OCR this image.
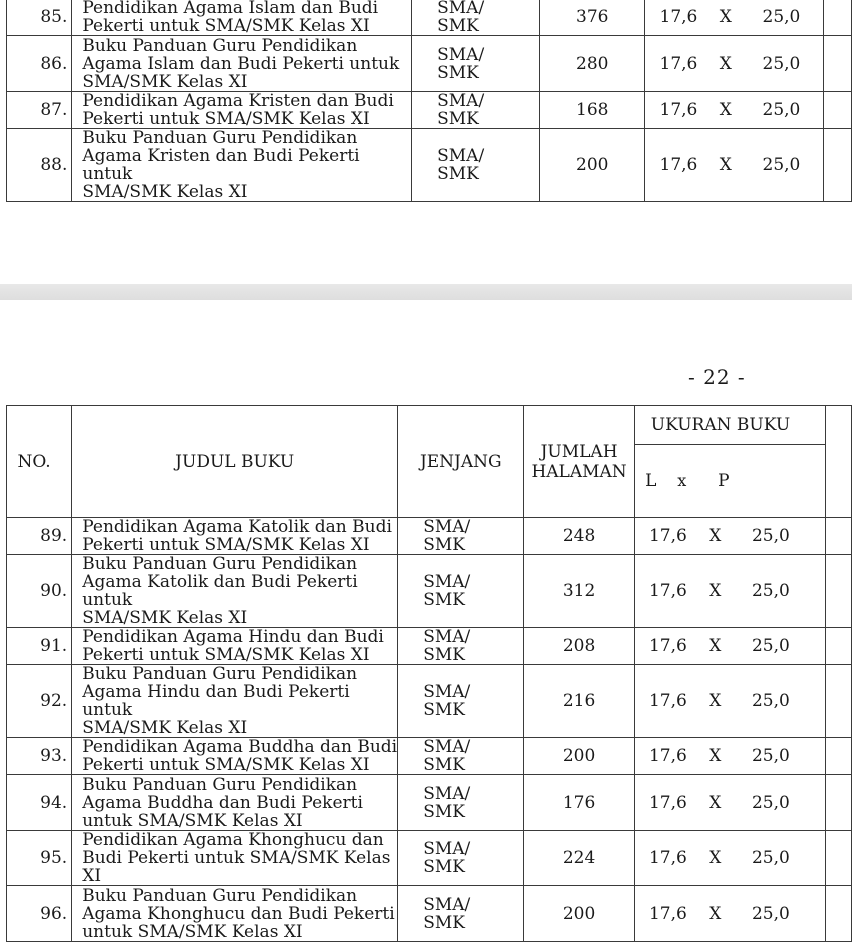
85.	Pendidikan Agama Islam dan Budi
Pekerti untuk SMA/SMK Kelas XI	SMA/
SMK	376	17,6 X 25,0	

86.	Buku Panduan Guru Pendidikan
Agama Islam dan Budi Pekerti untuk
SMA/SMK Kelas XI	SMA/
SMK	280	17,6 X 25,0	

87.	Pendidikan Agama Kristen dan Budi
Pekerti untuk SMA/SMK Kelas XI	SMA/
SMK	168	17,6 X 25,0	

88.	Buku Panduan Guru Pendidikan
Agama Kristen dan Budi Pekerti untuk
SMA/SMK Kelas XI	SMA/
SMK	200	17,6 X 25,0	

- 22 -
NO.	JUDUL BUKU	JENJANG	JUMLAH
HALAMAN	UKURAN BUKU	

				L x P	

89.	Pendidikan Agama Katolik dan Budi
Pekerti untuk SMA/SMK Kelas XI	SMA/
SMK	248	17,6 X 25,0	

90.	Buku Panduan Guru Pendidikan
Agama Katolik dan Budi Pekerti untuk
SMA/SMK Kelas XI	SMA/
SMK	312	17,6 X 25,0	

91.	Pendidikan Agama Hindu dan Budi
Pekerti untuk SMA/SMK Kelas XI	SMA/
SMK	208	17,6 X 25,0	

92.	Buku Panduan Guru Pendidikan
Agama Hindu dan Budi Pekerti untuk
SMA/SMK Kelas XI	SMA/
SMK	216	17,6 X 25,0	

93.	Pendidikan Agama Buddha dan Budi
Pekerti untuk SMA/SMK Kelas XI	SMA/
SMK	200	17,6 X 25,0	

94.	Buku Panduan Guru Pendidikan
Agama Buddha dan Budi Pekerti
untuk SMA/SMK Kelas XI	SMA/
SMK	176	17,6 X 25,0	

95.	Pendidikan Agama Khonghucu dan
Budi Pekerti untuk SMA/SMK Kelas XI	SMA/
SMK	224	17,6 X 25,0	

96.	Buku Panduan Guru Pendidikan
Agama Khonghucu dan Budi Pekerti
untuk SMA/SMK Kelas XI	SMA/
SMK	200	17,6 X 25,0	
